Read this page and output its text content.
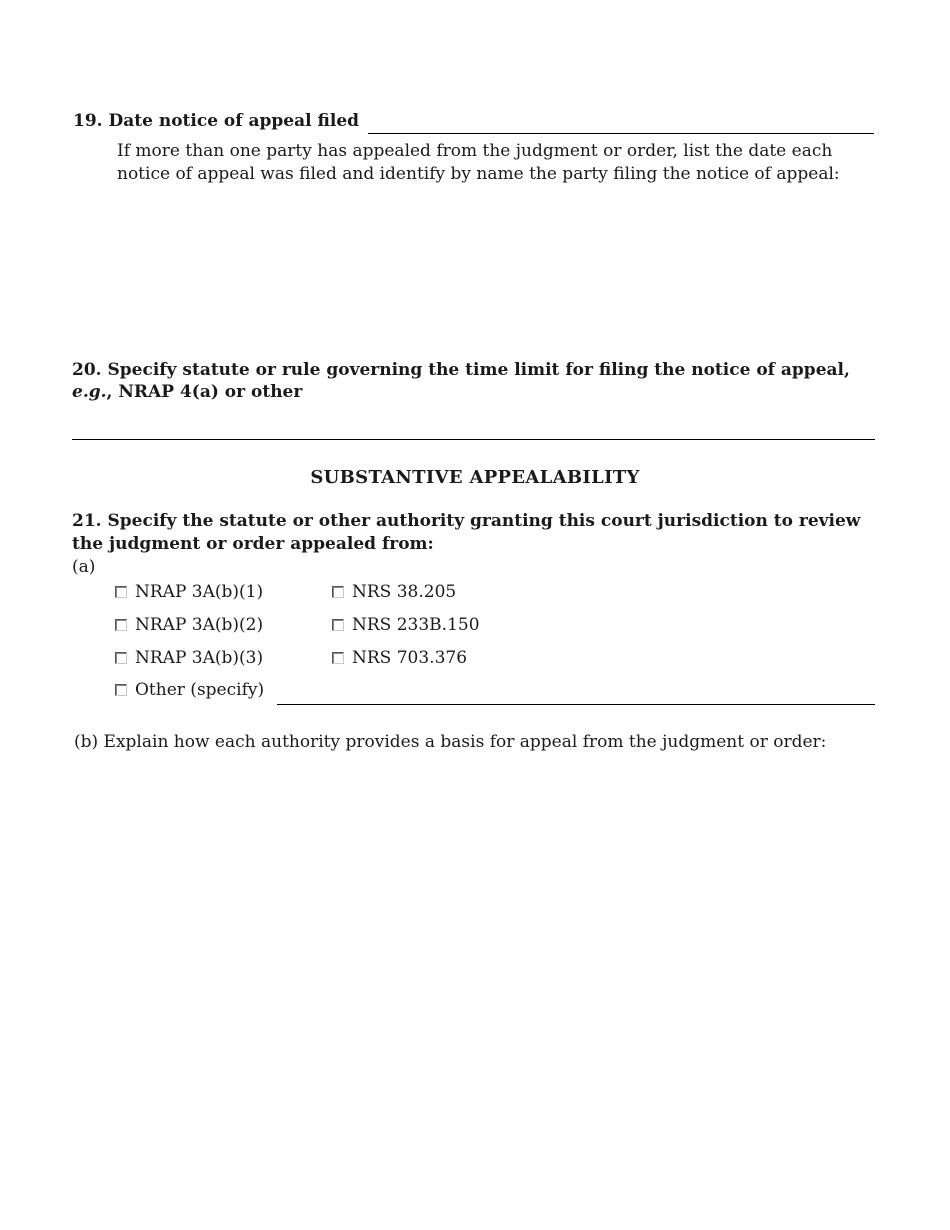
19. Date notice of appeal filed
If more than one party has appealed from the judgment or order, list the date each notice of appeal was filed and identify by name the party filing the notice of appeal:
20. Specify statute or rule governing the time limit for filing the notice of appeal,
e.g., NRAP 4(a) or other
SUBSTANTIVE APPEALABILITY
21. Specify the statute or other authority granting this court jurisdiction to review
the judgment or order appealed from:
(a)
NRAP 3A(b)(1)
NRAP 3A(b)(2)
NRAP 3A(b)(3)
Other (specify)
NRS 38.205
NRS 233B.150
NRS 703.376
(b) Explain how each authority provides a basis for appeal from the judgment or order:
